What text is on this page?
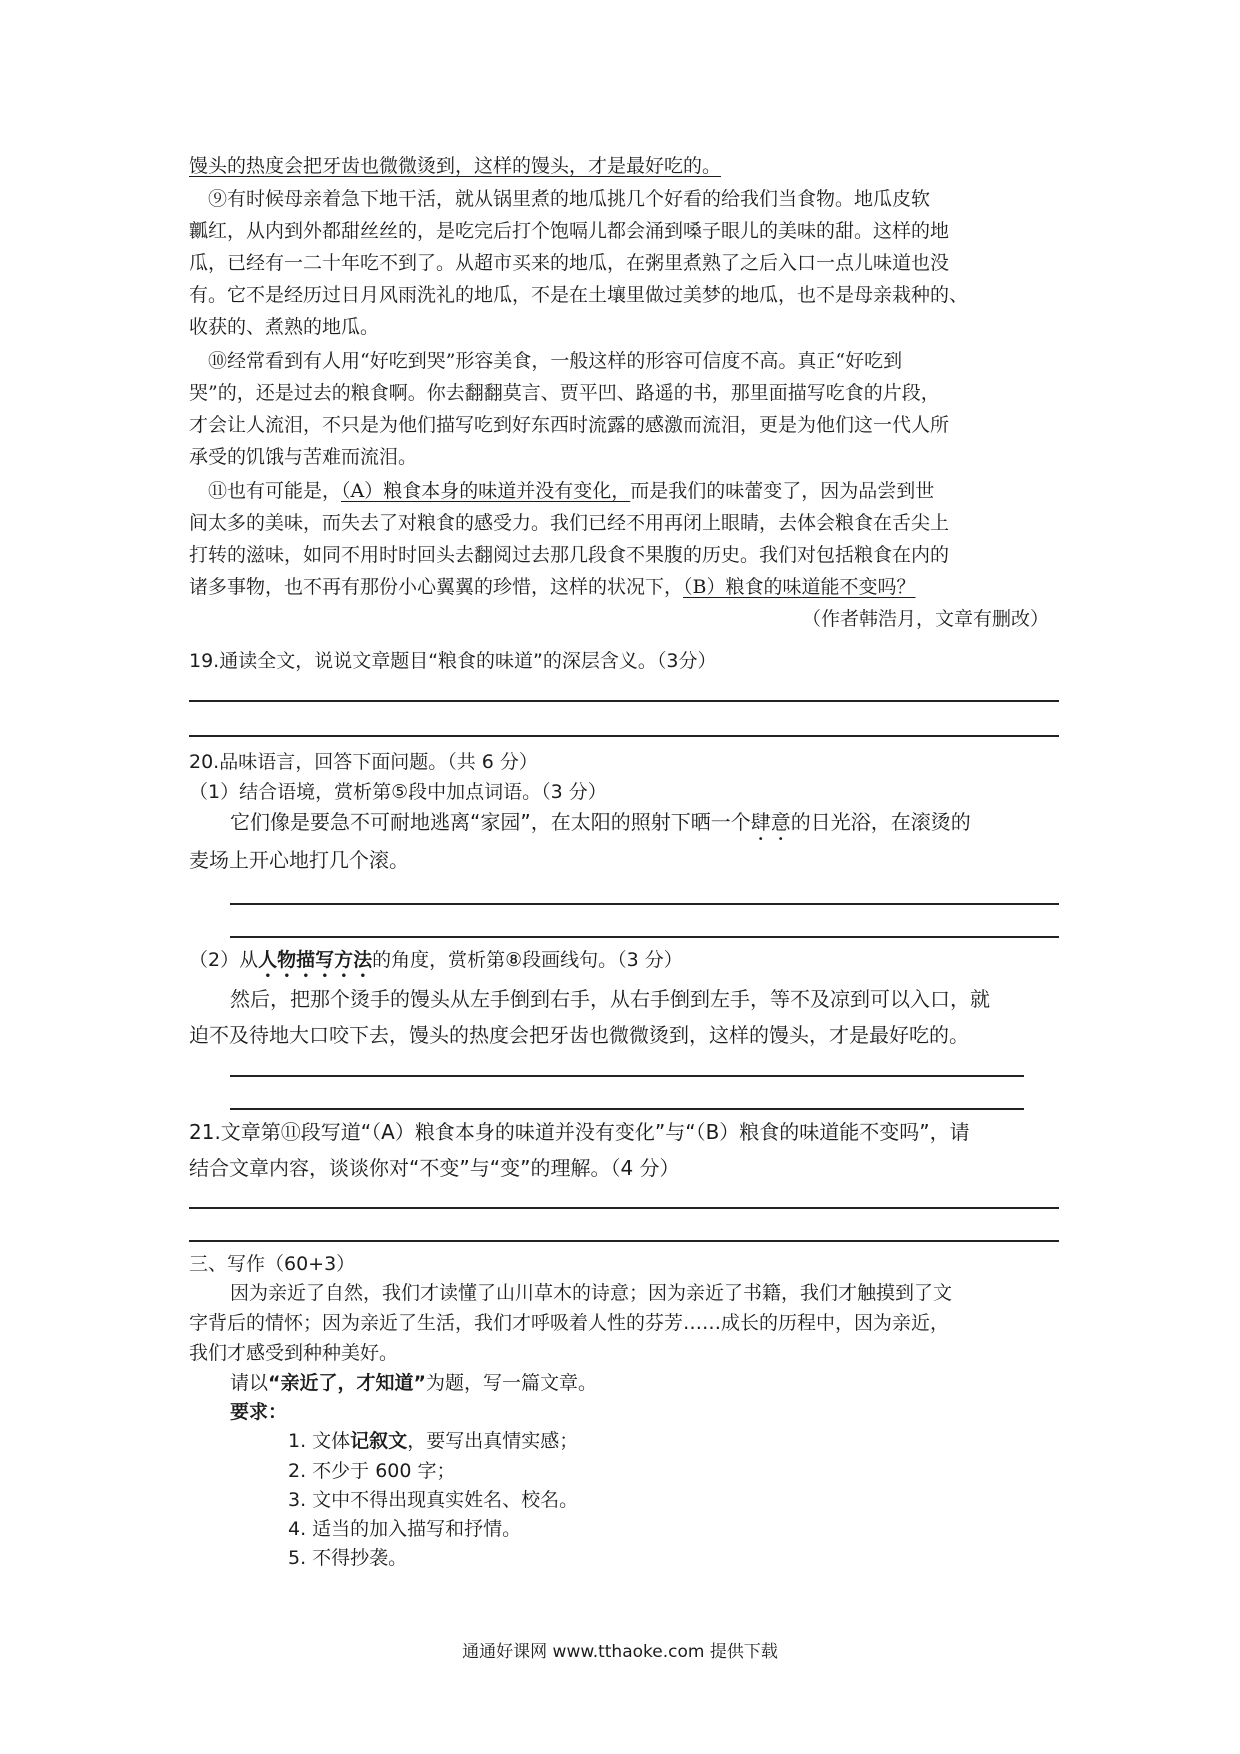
馒头的热度会把牙齿也微微烫到，这样的馒头，才是最好吃的。
⑨有时候母亲着急下地干活，就从锅里煮的地瓜挑几个好看的给我们当食物。地瓜皮软
瓤红，从内到外都甜丝丝的，是吃完后打个饱嗝儿都会涌到嗓子眼儿的美味的甜。这样的地
瓜，已经有一二十年吃不到了。从超市买来的地瓜，在粥里煮熟了之后入口一点儿味道也没
有。它不是经历过日月风雨洗礼的地瓜，不是在土壤里做过美梦的地瓜，也不是母亲栽种的、
收获的、煮熟的地瓜。
⑩经常看到有人用“好吃到哭”形容美食，一般这样的形容可信度不高。真正“好吃到
哭”的，还是过去的粮食啊。你去翻翻莫言、贾平凹、路遥的书，那里面描写吃食的片段，
才会让人流泪，不只是为他们描写吃到好东西时流露的感激而流泪，更是为他们这一代人所
承受的饥饿与苦难而流泪。
⑪也有可能是，（A）粮食本身的味道并没有变化，而是我们的味蕾变了，因为品尝到世
间太多的美味，而失去了对粮食的感受力。我们已经不用再闭上眼睛，去体会粮食在舌尖上
打转的滋味，如同不用时时回头去翻阅过去那几段食不果腹的历史。我们对包括粮食在内的
诸多事物，也不再有那份小心翼翼的珍惜，这样的状况下，（B）粮食的味道能不变吗？
（作者韩浩月，文章有删改）
19.通读全文，说说文章题目“粮食的味道”的深层含义。（3分）
20.品味语言，回答下面问题。（共 6 分）
（1）结合语境，赏析第⑤段中加点词语。（3 分）
它们像是要急不可耐地逃离“家园”，在太阳的照射下晒一个肆意的日光浴，在滚烫的
麦场上开心地打几个滚。
（2）从人物描写方法的角度，赏析第⑧段画线句。（3 分）
然后，把那个烫手的馒头从左手倒到右手，从右手倒到左手，等不及凉到可以入口，就
迫不及待地大口咬下去，馒头的热度会把牙齿也微微烫到，这样的馒头，才是最好吃的。
21.文章第⑪段写道“（A）粮食本身的味道并没有变化”与“（B）粮食的味道能不变吗”，请
结合文章内容，谈谈你对“不变”与“变”的理解。（4 分）
三、写作（60+3）
因为亲近了自然，我们才读懂了山川草木的诗意；因为亲近了书籍，我们才触摸到了文
字背后的情怀；因为亲近了生活，我们才呼吸着人性的芬芳……成长的历程中，因为亲近，
我们才感受到种种美好。
请以“亲近了，才知道”为题，写一篇文章。
要求：
1. 文体记叙文，要写出真情实感；
2. 不少于 600 字；
3. 文中不得出现真实姓名、校名。
4. 适当的加入描写和抒情。
5. 不得抄袭。
通通好课网 www.tthaoke.com 提供下载
